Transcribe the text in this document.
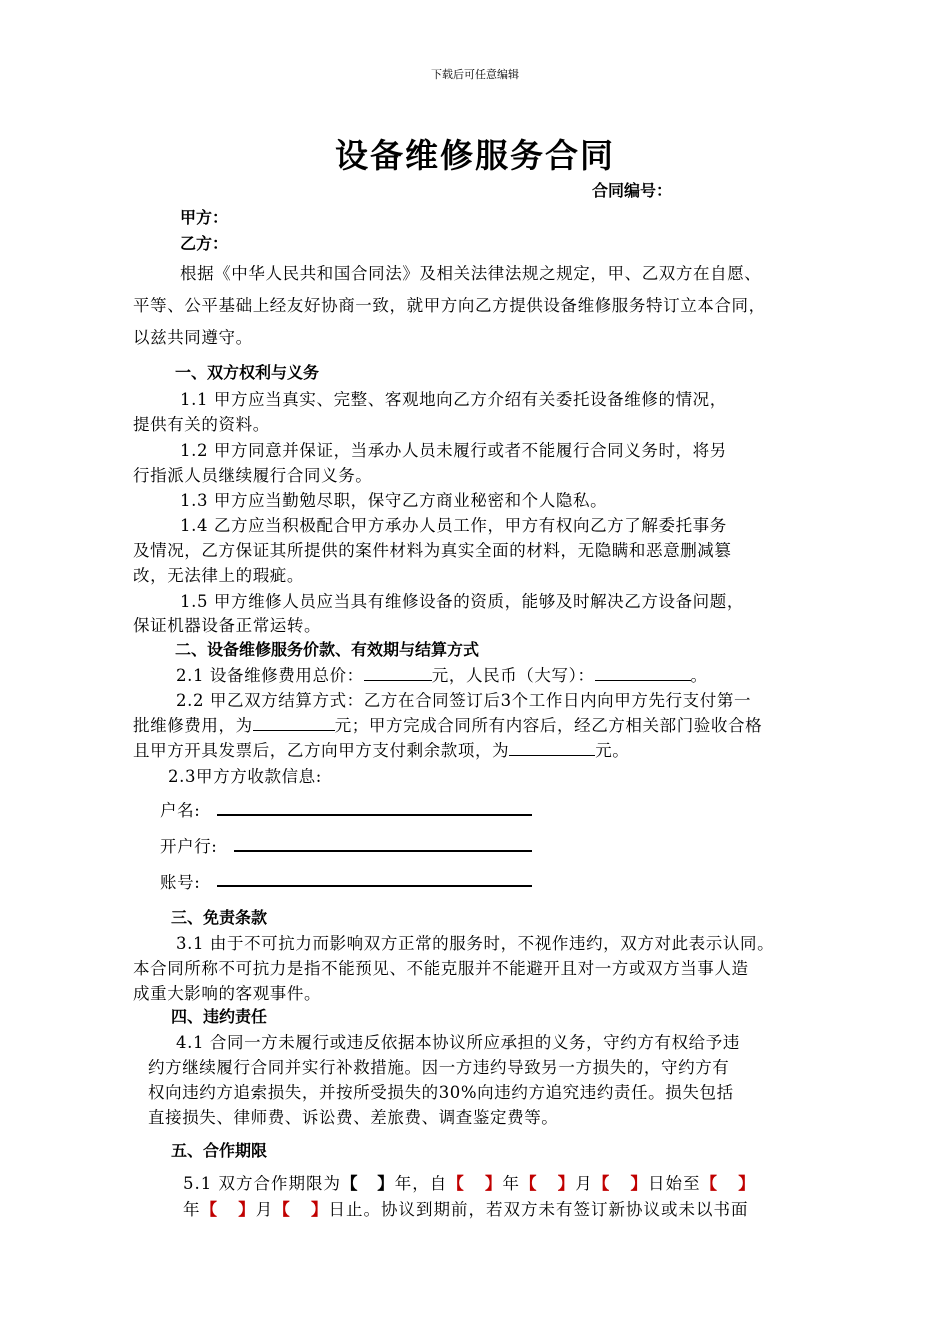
下载后可任意编辑
设备维修服务合同
合同编号：
甲方：
乙方：
根据《中华人民共和国合同法》及相关法律法规之规定，甲、乙双方在自愿、
平等、公平基础上经友好协商一致，就甲方向乙方提供设备维修服务特订立本合同，
以兹共同遵守。
一、双方权利与义务
1.1 甲方应当真实、完整、客观地向乙方介绍有关委托设备维修的情况，
提供有关的资料。
1.2 甲方同意并保证，当承办人员未履行或者不能履行合同义务时，将另
行指派人员继续履行合同义务。
1.3 甲方应当勤勉尽职，保守乙方商业秘密和个人隐私。
1.4 乙方应当积极配合甲方承办人员工作，甲方有权向乙方了解委托事务
及情况，乙方保证其所提供的案件材料为真实全面的材料，无隐瞒和恶意删减篡
改，无法律上的瑕疵。
1.5 甲方维修人员应当具有维修设备的资质，能够及时解决乙方设备问题，
保证机器设备正常运转。
二、设备维修服务价款、有效期与结算方式
2.1 设备维修费用总价：	元，人民币（大写）：	。
2.2 甲乙双方结算方式：乙方在合同签订后3个工作日内向甲方先行支付第一
批维修费用，为	元；甲方完成合同所有内容后，经乙方相关部门验收合格
且甲方开具发票后，乙方向甲方支付剩余款项，为	元。
2.3甲方方收款信息:
户名:
开户行:
账号:
三、免责条款
3.1 由于不可抗力而影响双方正常的服务时，不视作违约，双方对此表示认同。
本合同所称不可抗力是指不能预见、不能克服并不能避开且对一方或双方当事人造
成重大影响的客观事件。
四、违约责任
4.1 合同一方未履行或违反依据本协议所应承担的义务，守约方有权给予违
约方继续履行合同并实行补救措施。因一方违约导致另一方损失的，守约方有
权向违约方追索损失，并按所受损失的30%向违约方追究违约责任。损失包括
直接损失、律师费、诉讼费、差旅费、调查鉴定费等。
五、合作期限
5.1 双方合作期限为【 】年，自【 】年【 】月【 】日始至【 】
年【 】月【 】日止。协议到期前，若双方未有签订新协议或未以书面
